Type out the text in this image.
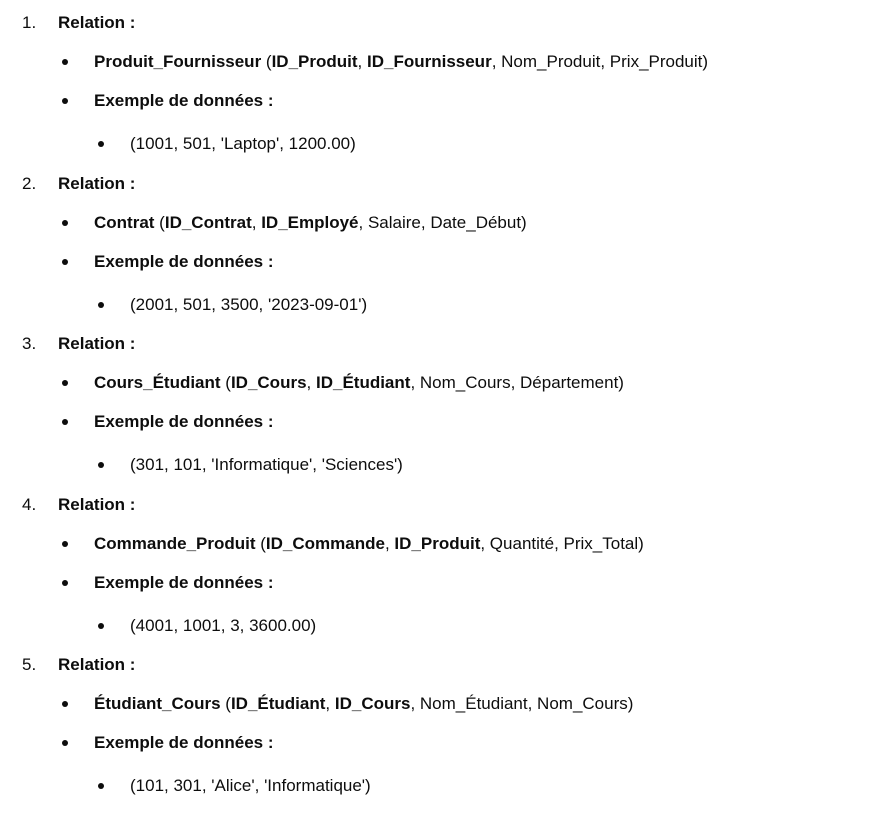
1.	Relation :
Produit_Fournisseur (ID_Produit, ID_Fournisseur, Nom_Produit, Prix_Produit)
Exemple de données :
(1001, 501, 'Laptop', 1200.00)
2.	Relation :
Contrat (ID_Contrat, ID_Employé, Salaire, Date_Début)
Exemple de données :
(2001, 501, 3500, '2023-09-01')
3.	Relation :
Cours_Étudiant (ID_Cours, ID_Étudiant, Nom_Cours, Département)
Exemple de données :
(301, 101, 'Informatique', 'Sciences')
4.	Relation :
Commande_Produit (ID_Commande, ID_Produit, Quantité, Prix_Total)
Exemple de données :
(4001, 1001, 3, 3600.00)
5.	Relation :
Étudiant_Cours (ID_Étudiant, ID_Cours, Nom_Étudiant, Nom_Cours)
Exemple de données :
(101, 301, 'Alice', 'Informatique')
